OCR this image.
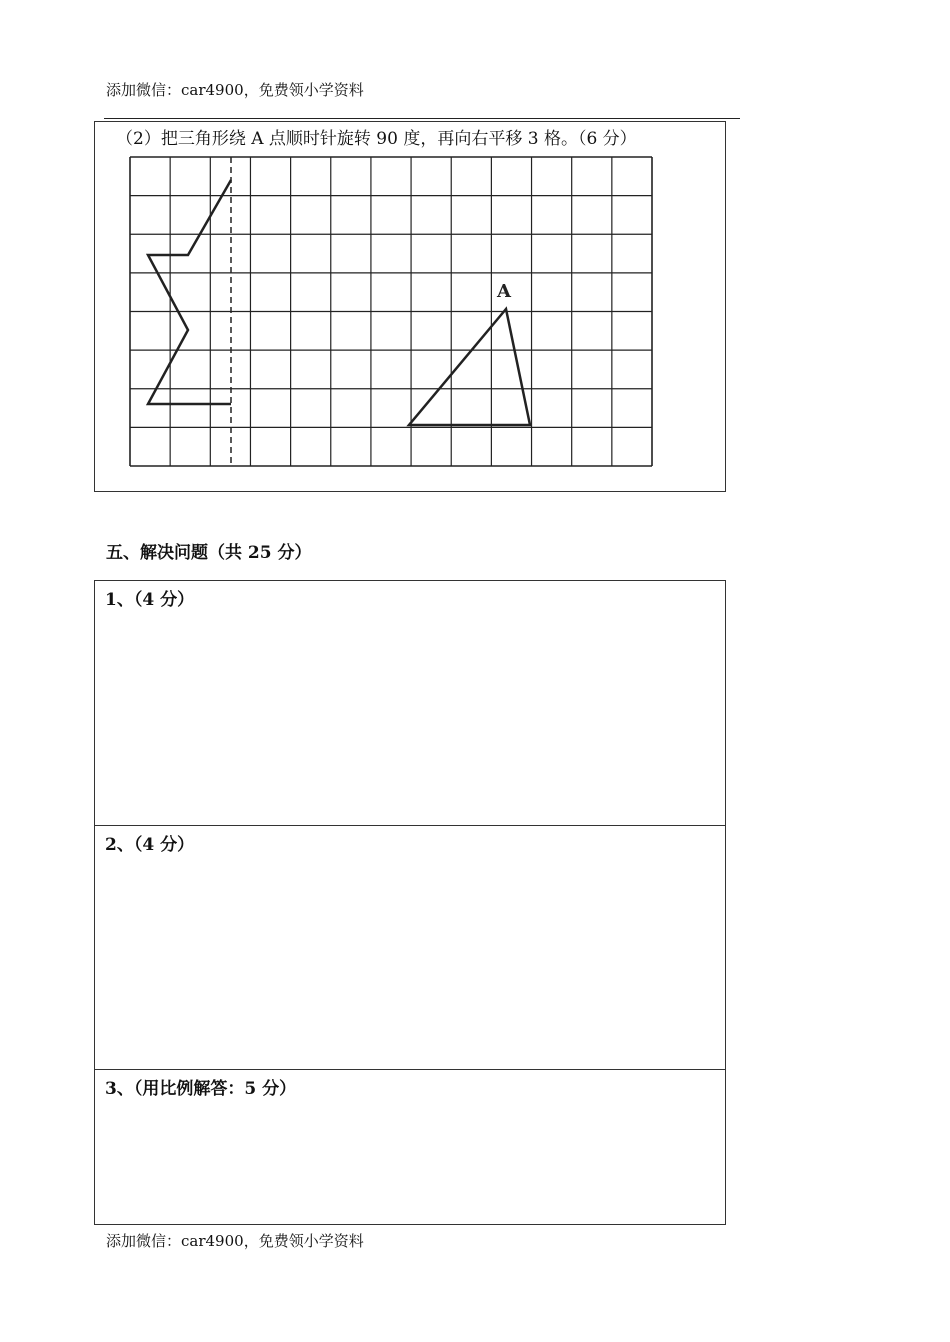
添加微信：car4900，免费领小学资料
（2）把三角形绕 A 点顺时针旋转 90 度，再向右平移 3 格。（6 分）
A
五、解决问题（共 25 分）
1、（4 分）
2、（4 分）
3、（用比例解答：5 分）
添加微信：car4900，免费领小学资料
